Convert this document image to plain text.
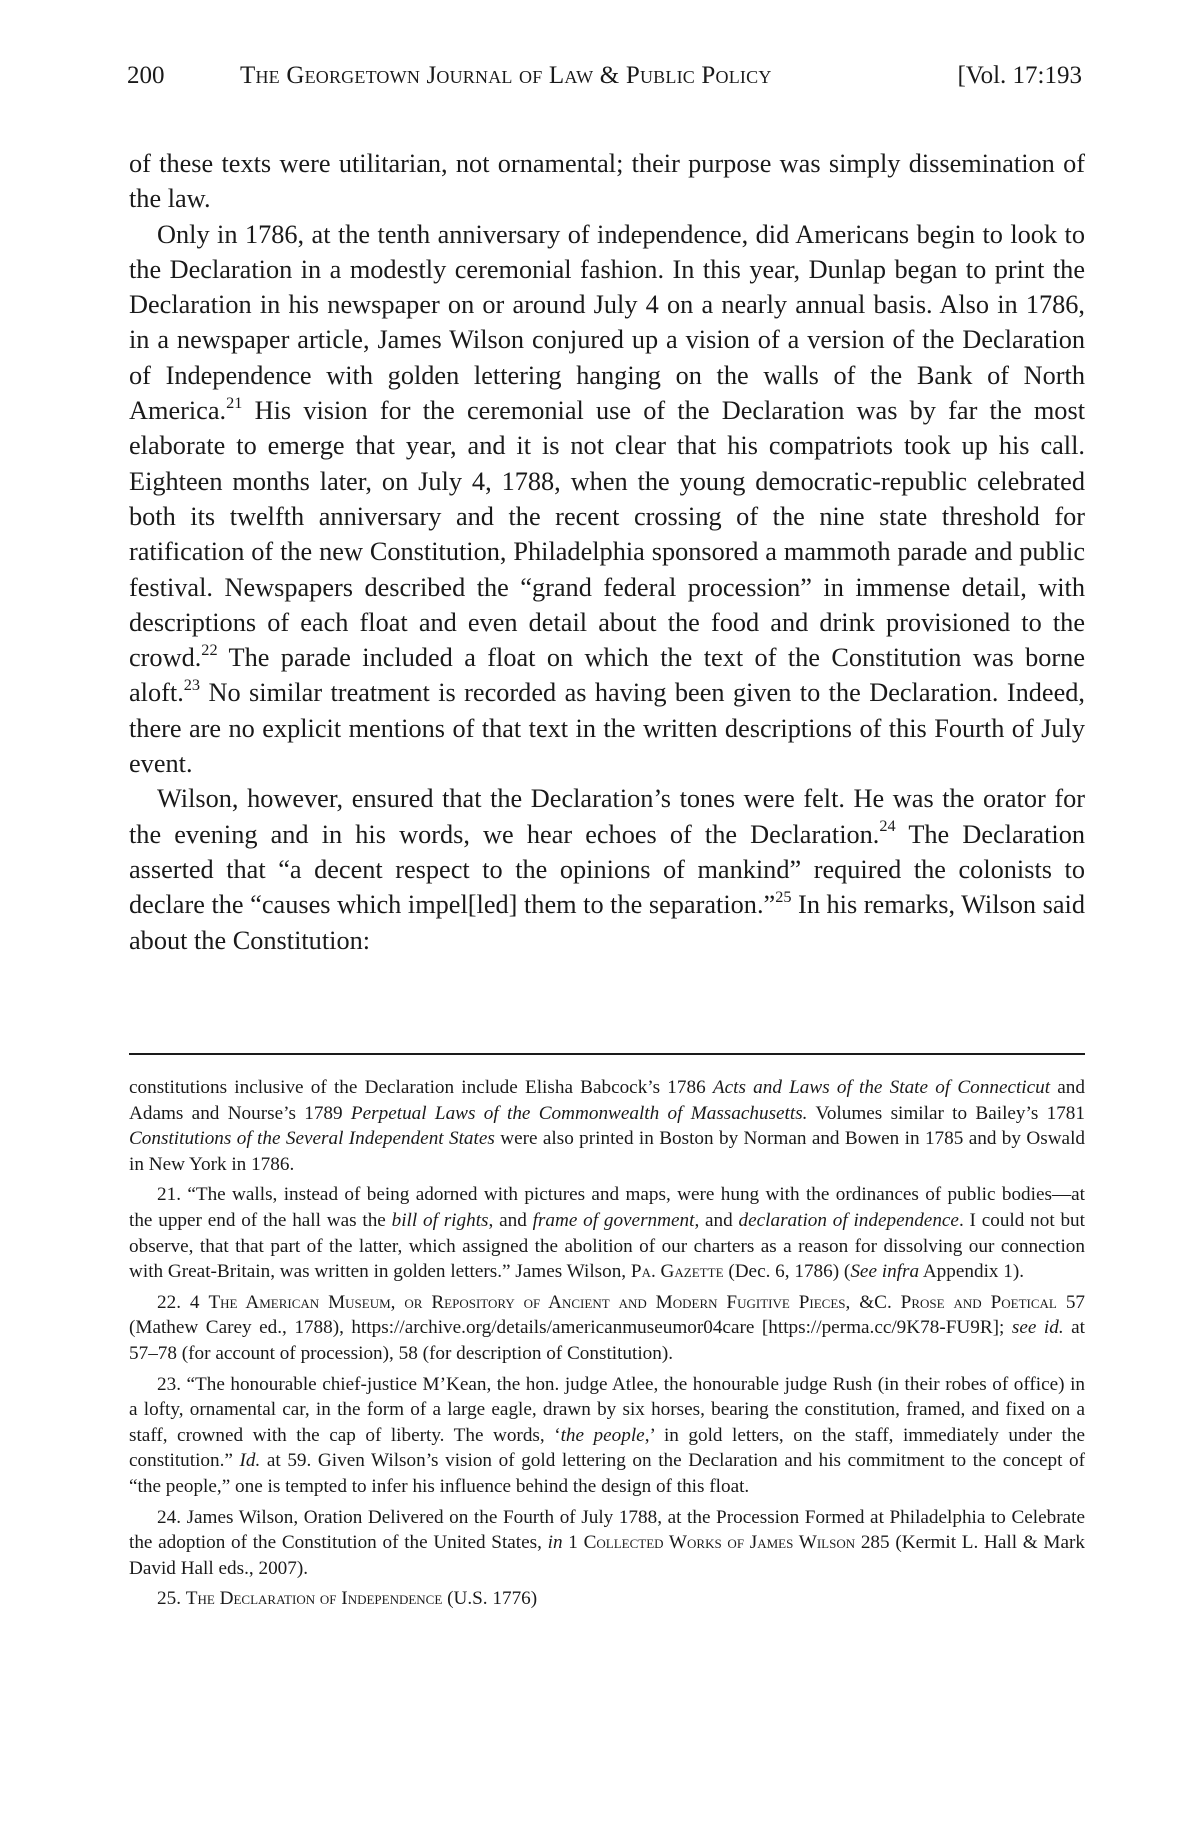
200	The Georgetown Journal of Law & Public Policy	[Vol. 17:193

of these texts were utilitarian, not ornamental; their purpose was simply dissemination of the law.

Only in 1786, at the tenth anniversary of independence, did Americans begin to look to the Declaration in a modestly ceremonial fashion. In this year, Dunlap began to print the Declaration in his newspaper on or around July 4 on a nearly annual basis. Also in 1786, in a newspaper article, James Wilson conjured up a vision of a version of the Declaration of Independence with golden lettering hanging on the walls of the Bank of North America.$^{21}$ His vision for the ceremonial use of the Declaration was by far the most elaborate to emerge that year, and it is not clear that his compatriots took up his call. Eighteen months later, on July 4, 1788, when the young democratic-republic celebrated both its twelfth anniversary and the recent crossing of the nine state threshold for ratification of the new Constitution, Philadelphia sponsored a mammoth parade and public festival. Newspapers described the “grand federal procession” in immense detail, with descriptions of each float and even detail about the food and drink provisioned to the crowd.$^{22}$ The parade included a float on which the text of the Constitution was borne aloft.$^{23}$ No similar treatment is recorded as having been given to the Declaration. Indeed, there are no explicit mentions of that text in the written descriptions of this Fourth of July event.

Wilson, however, ensured that the Declaration’s tones were felt. He was the orator for the evening and in his words, we hear echoes of the Declaration.$^{24}$ The Declaration asserted that “a decent respect to the opinions of mankind” required the colonists to declare the “causes which impel[led] them to the separation.”$^{25}$ In his remarks, Wilson said about the Constitution:

constitutions inclusive of the Declaration include Elisha Babcock’s 1786 Acts and Laws of the State of Connecticut and Adams and Nourse’s 1789 Perpetual Laws of the Commonwealth of Massachusetts. Volumes similar to Bailey’s 1781 Constitutions of the Several Independent States were also printed in Boston by Norman and Bowen in 1785 and by Oswald in New York in 1786.

21. “The walls, instead of being adorned with pictures and maps, were hung with the ordinances of public bodies—at the upper end of the hall was the bill of rights, and frame of government, and declaration of independence. I could not but observe, that that part of the latter, which assigned the abolition of our charters as a reason for dissolving our connection with Great-Britain, was written in golden letters.” James Wilson, Pa. Gazette (Dec. 6, 1786) (See infra Appendix 1).

22. 4 The American Museum, or Repository of Ancient and Modern Fugitive Pieces, &C. Prose and Poetical 57 (Mathew Carey ed., 1788), https://archive.org/details/americanmuseumor04care [https://perma.cc/9K78-FU9R]; see id. at 57–78 (for account of procession), 58 (for description of Constitution).

23. “The honourable chief-justice M’Kean, the hon. judge Atlee, the honourable judge Rush (in their robes of office) in a lofty, ornamental car, in the form of a large eagle, drawn by six horses, bearing the constitution, framed, and fixed on a staff, crowned with the cap of liberty. The words, ‘the people,’ in gold letters, on the staff, immediately under the constitution.” Id. at 59. Given Wilson’s vision of gold lettering on the Declaration and his commitment to the concept of “the people,” one is tempted to infer his influence behind the design of this float.

24. James Wilson, Oration Delivered on the Fourth of July 1788, at the Procession Formed at Philadelphia to Celebrate the adoption of the Constitution of the United States, in 1 Collected Works of James Wilson 285 (Kermit L. Hall & Mark David Hall eds., 2007).

25. The Declaration of Independence (U.S. 1776)
